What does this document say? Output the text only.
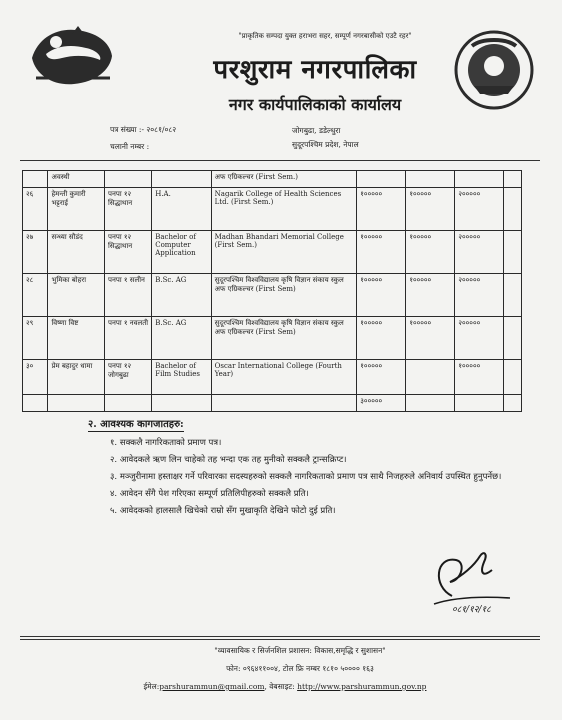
"प्राकृतिक सम्पदा युक्त हराभरा सहर, सम्पूर्ण नगरबासीको एउटै रहर"
परशुराम नगरपालिका
नगर कार्यपालिकाको कार्यालय
पत्र संख्या :- २०८१/०८२
चलानी नम्बर :
जोगबुढा, डडेल्धुरा
सुदूरपश्चिम प्रदेश, नेपाल
	अवस्थी			अफ एग्रिकल्चर (First Sem.)				
२६	हेमन्ती कुमारी भट्टराई	पनपा १२ सिद्धाथान	H.A.	Nagarik College of Health Sciences Ltd. (First Sem.)	१०००००	१०००००	२०००००	
२७	सन्ध्या सौडंद	पनपा १२ सिद्धाथान	Bachelor of Computer Application	Madhan Bhandari Memorial College (First Sem.)	१०००००	१०००००	२०००००	
२८	भुमिका बोहरा	पनपा १ सलीन	B.Sc. AG	सुदूरपश्चिम विश्वविद्यालय कृषि विज्ञान संकाय स्कुल अफ एग्रिकल्चर (First Sem)	१०००००	१०००००	२०००००	
२९	विष्णा विष्ट	पनपा १ नवलती	B.Sc. AG	सुदूरपश्चिम विश्वविद्यालय कृषि विज्ञान संकाय स्कुल अफ एग्रिकल्चर (First Sem)	१०००००	१०००००	२०००००	
३०	प्रेम बहादुर धामा	पनपा १२ जोगबुढा	Bachelor of Film Studies	Oscar International College (Fourth Year)	१०००००		१०००००	
					३०००००			
२. आवश्यक कागजातहरु:
१. सक्कलै नागरिकताको प्रमाण पत्र।
२. आवेदकले ऋण लिन चाहेको तह भन्दा एक तह मुनीको सक्कलै ट्रान्सक्रिप्ट।
३. मञ्जुरीनामा हस्ताक्षर गर्ने परिवारका सदस्यहरुको सक्कलै नागरिकताको प्रमाण पत्र साथै निजहरुले अनिवार्य उपस्थित हुनुपर्नेछ।
४. आवेदन सँगै पेश गरिएका सम्पूर्ण प्रतिलिपीहरुको सक्कलै प्रति।
५. आवेदकको हालसालै खिचेको राम्रो सँग मुखाकृति देखिने फोटो दुई प्रति।
०८१/१२/१८
"व्यावसायिक र सिर्जनशिल प्रशासन: विकास,समृद्धि र सुशासन"
फोन: ०९६४११००४, टोल फ्रि नम्बर १८१० ५०००० १६३
ईमेल:parshurammun@gmail.com, वेबसाइट: http://www.parshurammun.gov.np
